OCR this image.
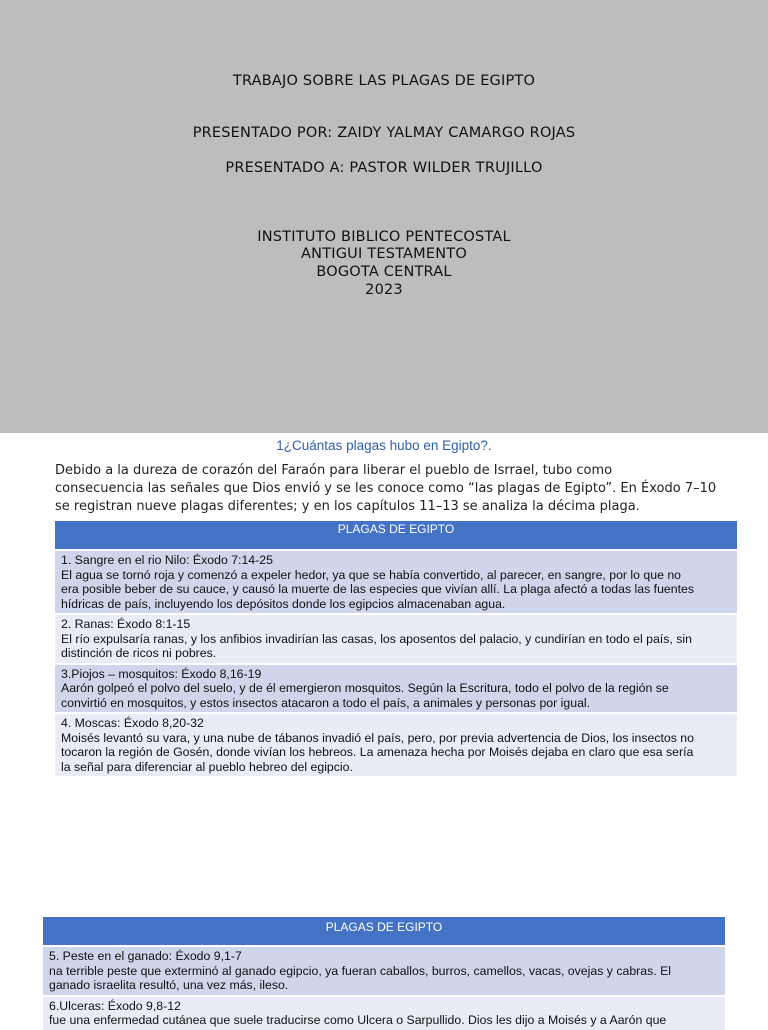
TRABAJO SOBRE LAS PLAGAS DE EGIPTO
PRESENTADO POR: ZAIDY YALMAY CAMARGO ROJAS
PRESENTADO A: PASTOR WILDER TRUJILLO
INSTITUTO BIBLICO PENTECOSTAL
ANTIGUI TESTAMENTO
BOGOTA CENTRAL
2023
1¿Cuántas plagas hubo en Egipto?.
Debido a la dureza de corazón del Faraón para liberar el pueblo de Isrrael, tubo como
consecuencia las señales que Dios envió y se les conoce como “las plagas de Egipto”. En Éxodo 7–10
se registran nueve plagas diferentes; y en los capítulos 11–13 se analiza la décima plaga.
PLAGAS DE EGIPTO
1. Sangre en el rio Nilo: Éxodo 7:14-25
El agua se tornó roja y comenzó a expeler hedor, ya que se había convertido, al parecer, en sangre, por lo que no
era posible beber de su cauce, y causó la muerte de las especies que vivían allí. La plaga afectó a todas las fuentes
hídricas de país, incluyendo los depósitos donde los egipcios almacenaban agua.
2. Ranas: Éxodo 8:1-15
El río expulsaría ranas, y los anfibios invadirían las casas, los aposentos del palacio, y cundirían en todo el país, sin
distinción de ricos ni pobres.
3.Piojos – mosquitos: Éxodo 8,16-19
Aarón golpeó el polvo del suelo, y de él emergieron mosquitos. Según la Escritura, todo el polvo de la región se
convirtió en mosquitos, y estos insectos atacaron a todo el país, a animales y personas por igual.
4. Moscas: Éxodo 8,20-32
Moisés levantó su vara, y una nube de tábanos invadió el país, pero, por previa advertencia de Dios, los insectos no
tocaron la región de Gosén, donde vivían los hebreos. La amenaza hecha por Moisés dejaba en claro que esa sería
la señal para diferenciar al pueblo hebreo del egipcio.
PLAGAS DE EGIPTO
5. Peste en el ganado: Éxodo 9,1-7
na terrible peste que exterminó al ganado egipcio, ya fueran caballos, burros, camellos, vacas, ovejas y cabras. El
ganado israelita resultó, una vez más, ileso.
6.Ulceras: Éxodo 9,8-12
fue una enfermedad cutánea que suele traducirse como Ulcera o Sarpullido. Dios les dijo a Moisés y a Aarón que
